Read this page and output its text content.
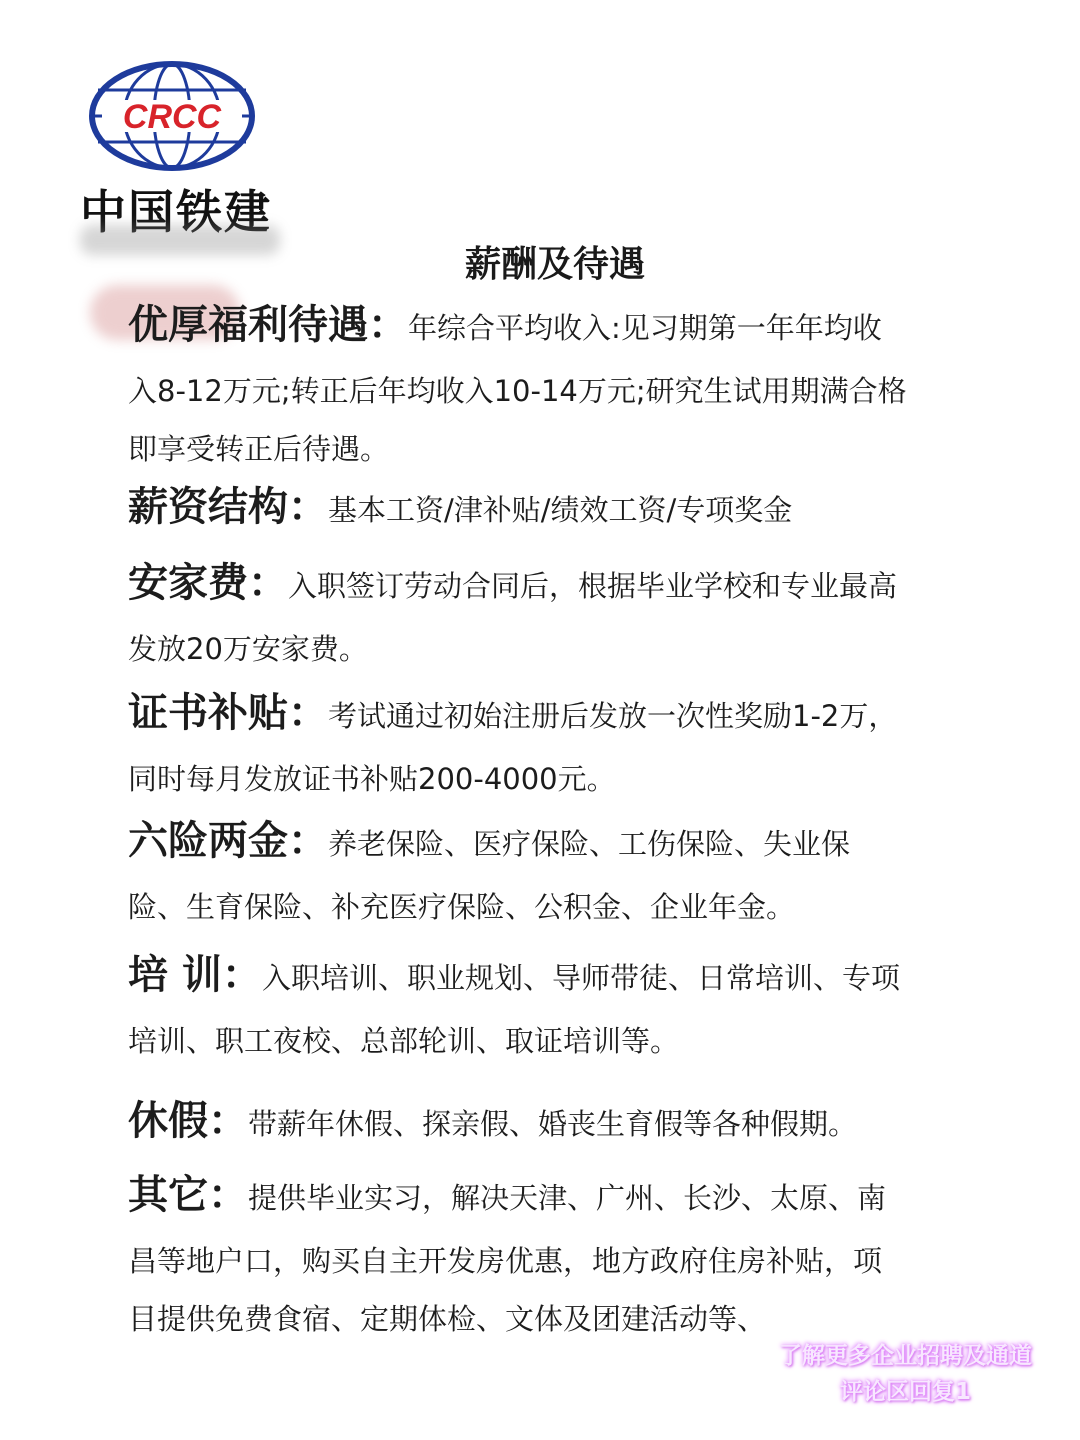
CRCC
中国铁建
薪酬及待遇
优厚福利待遇：年综合平均收入:见习期第一年年均收
入8-12万元;转正后年均收入10-14万元;研究生试用期满合格
即享受转正后待遇。
薪资结构：基本工资/津补贴/绩效工资/专项奖金
安家费：入职签订劳动合同后，根据毕业学校和专业最高
发放20万安家费。
证书补贴：考试通过初始注册后发放一次性奖励1-2万，
同时每月发放证书补贴200-4000元。
六险两金：养老保险、医疗保险、工伤保险、失业保
险、生育保险、补充医疗保险、公积金、企业年金。
培 训：入职培训、职业规划、导师带徒、日常培训、专项
培训、职工夜校、总部轮训、取证培训等。
休假：带薪年休假、探亲假、婚丧生育假等各种假期。
其它：提供毕业实习，解决天津、广州、长沙、太原、南
昌等地户口，购买自主开发房优惠，地方政府住房补贴，项
目提供免费食宿、定期体检、文体及团建活动等、
了解更多企业招聘及通道
评论区回复1
